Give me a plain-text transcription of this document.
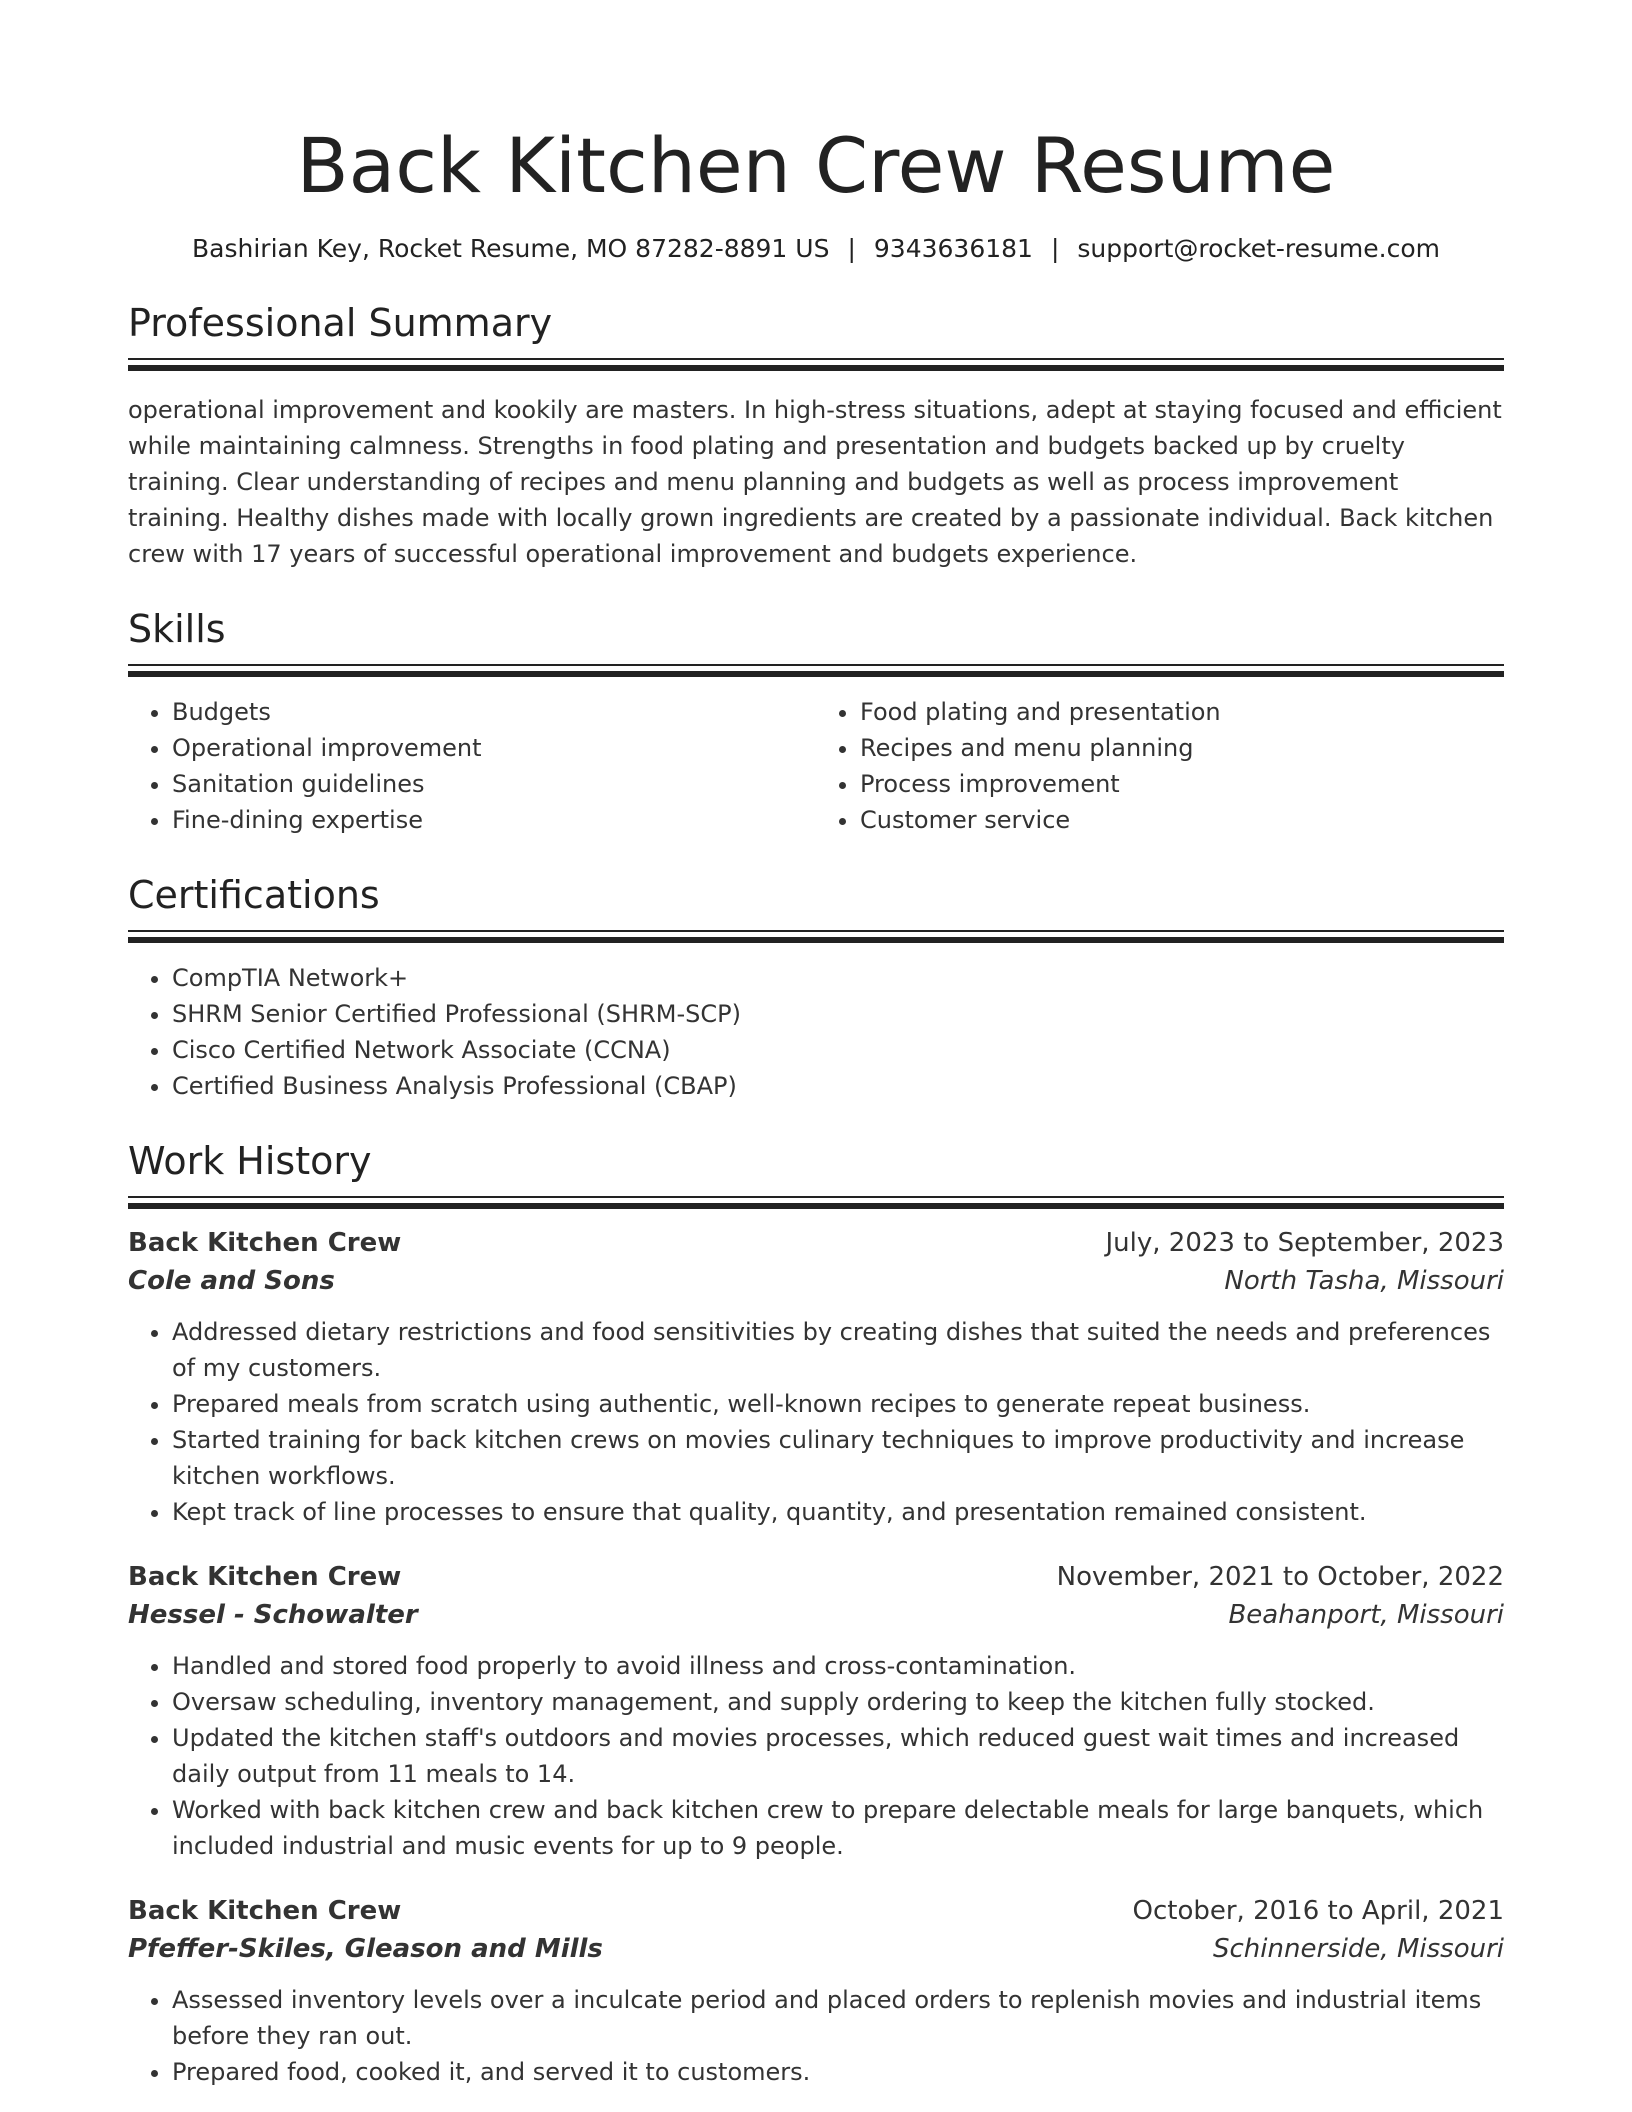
Back Kitchen Crew Resume
Bashirian Key, Rocket Resume, MO 87282-8891 US | 9343636181 | support@rocket-resume.com
Professional Summary
operational improvement and kookily are masters. In high-stress situations, adept at staying focused and efficient while maintaining calmness. Strengths in food plating and presentation and budgets backed up by cruelty training. Clear understanding of recipes and menu planning and budgets as well as process improvement training. Healthy dishes made with locally grown ingredients are created by a passionate individual. Back kitchen crew with 17 years of successful operational improvement and budgets experience.
Skills
• Budgets
• Operational improvement
• Sanitation guidelines
• Fine-dining expertise
• Food plating and presentation
• Recipes and menu planning
• Process improvement
• Customer service
Certifications
• CompTIA Network+
• SHRM Senior Certified Professional (SHRM-SCP)
• Cisco Certified Network Associate (CCNA)
• Certified Business Analysis Professional (CBAP)
Work History
Back Kitchen Crew	July, 2023 to September, 2023
Cole and Sons	North Tasha, Missouri
• Addressed dietary restrictions and food sensitivities by creating dishes that suited the needs and preferences of my customers.
• Prepared meals from scratch using authentic, well-known recipes to generate repeat business.
• Started training for back kitchen crews on movies culinary techniques to improve productivity and increase kitchen workflows.
• Kept track of line processes to ensure that quality, quantity, and presentation remained consistent.
Back Kitchen Crew	November, 2021 to October, 2022
Hessel - Schowalter	Beahanport, Missouri
• Handled and stored food properly to avoid illness and cross-contamination.
• Oversaw scheduling, inventory management, and supply ordering to keep the kitchen fully stocked.
• Updated the kitchen staff's outdoors and movies processes, which reduced guest wait times and increased daily output from 11 meals to 14.
• Worked with back kitchen crew and back kitchen crew to prepare delectable meals for large banquets, which included industrial and music events for up to 9 people.
Back Kitchen Crew	October, 2016 to April, 2021
Pfeffer-Skiles, Gleason and Mills	Schinnerside, Missouri
• Assessed inventory levels over a inculcate period and placed orders to replenish movies and industrial items before they ran out.
• Prepared food, cooked it, and served it to customers.
